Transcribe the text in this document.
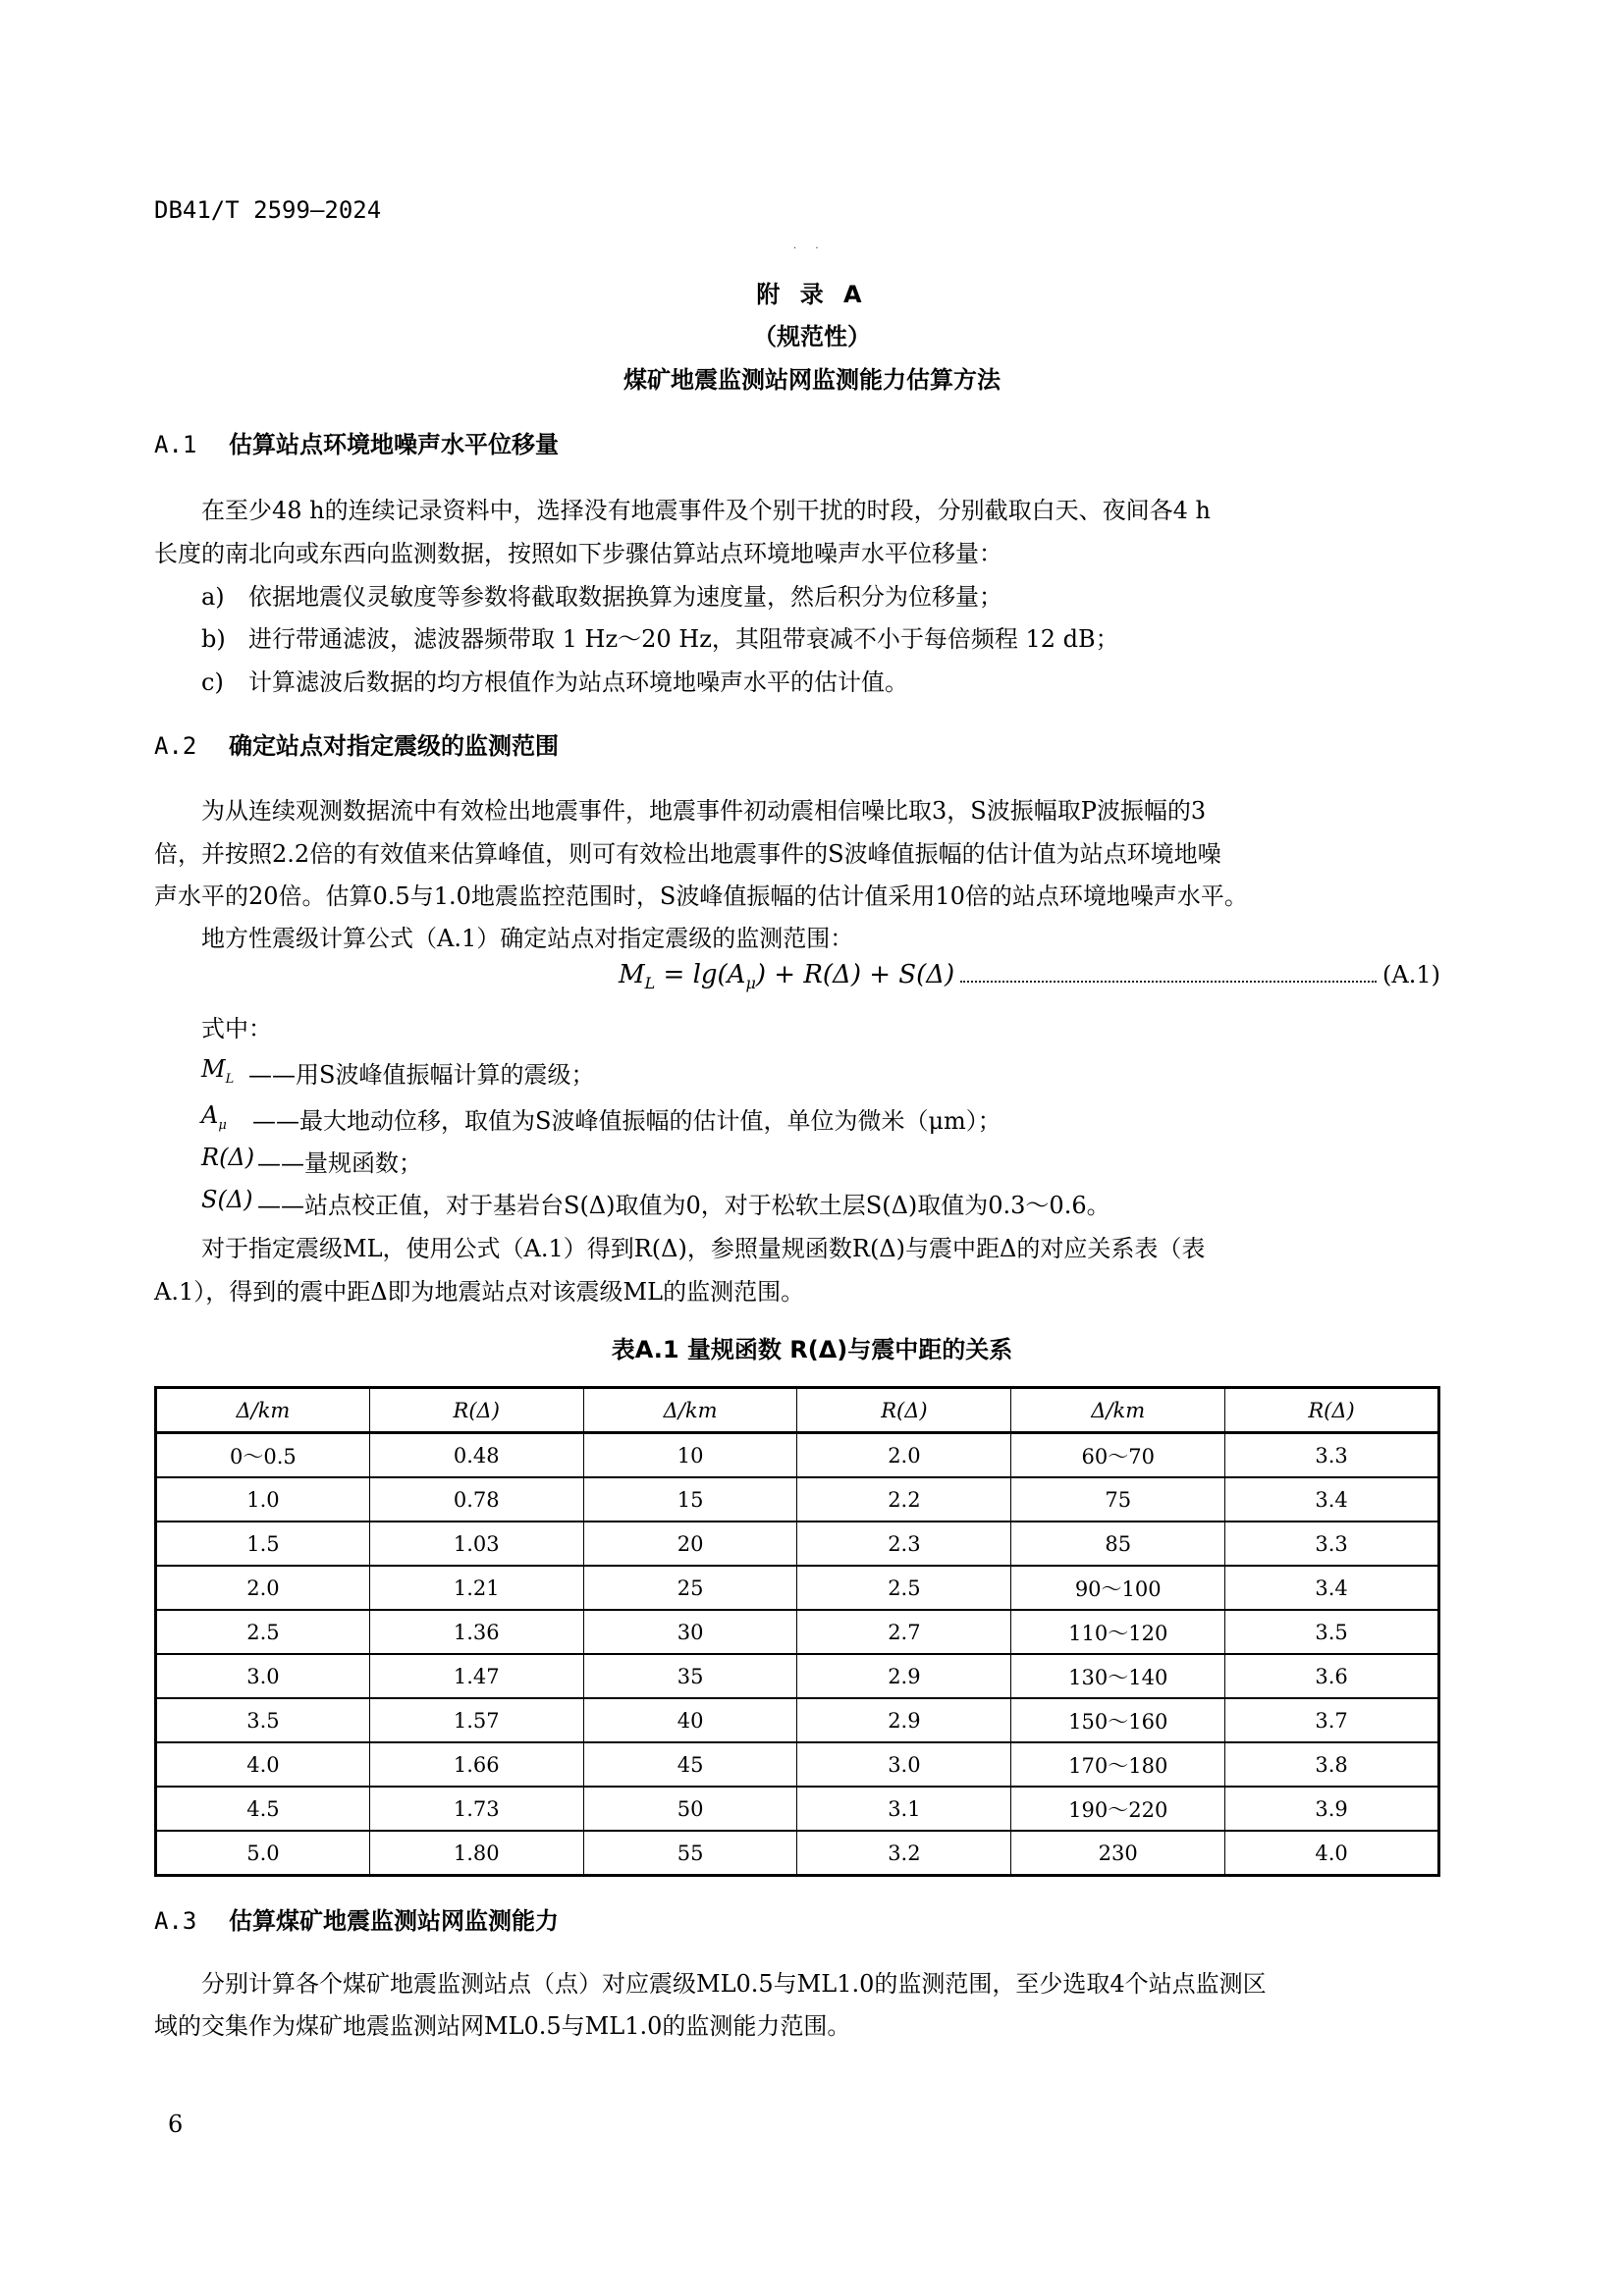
DB41/T 2599—2024
· ·
附 录 A
（规范性）
煤矿地震监测站网监测能力估算方法
A.1 估算站点环境地噪声水平位移量
在至少48 h的连续记录资料中，选择没有地震事件及个别干扰的时段，分别截取白天、夜间各4 h
长度的南北向或东西向监测数据，按照如下步骤估算站点环境地噪声水平位移量：
a) 依据地震仪灵敏度等参数将截取数据换算为速度量，然后积分为位移量；
b) 进行带通滤波，滤波器频带取 1 Hz～20 Hz，其阻带衰减不小于每倍频程 12 dB；
c) 计算滤波后数据的均方根值作为站点环境地噪声水平的估计值。
A.2 确定站点对指定震级的监测范围
为从连续观测数据流中有效检出地震事件，地震事件初动震相信噪比取3，S波振幅取P波振幅的3
倍，并按照2.2倍的有效值来估算峰值，则可有效检出地震事件的S波峰值振幅的估计值为站点环境地噪
声水平的20倍。估算0.5与1.0地震监控范围时，S波峰值振幅的估计值采用10倍的站点环境地噪声水平。
地方性震级计算公式（A.1）确定站点对指定震级的监测范围：
$M_L = \lg(A_\mu) + R(\Delta) + S(\Delta)$	(A.1)
式中：
$M_L$ ——用S波峰值振幅计算的震级；
$A_\mu$ ——最大地动位移，取值为S波峰值振幅的估计值，单位为微米（μm）；
R(Δ) ——量规函数；
S(Δ) ——站点校正值，对于基岩台S(Δ)取值为0，对于松软土层S(Δ)取值为0.3～0.6。
对于指定震级ML，使用公式（A.1）得到R(Δ)，参照量规函数R(Δ)与震中距Δ的对应关系表（表
A.1），得到的震中距Δ即为地震站点对该震级ML的监测范围。
表A.1 量规函数 R(Δ)与震中距的关系
Δ/km	R(Δ)	Δ/km	R(Δ)	Δ/km	R(Δ)
0～0.5	0.48	10	2.0	60～70	3.3
1.0	0.78	15	2.2	75	3.4
1.5	1.03	20	2.3	85	3.3
2.0	1.21	25	2.5	90～100	3.4
2.5	1.36	30	2.7	110～120	3.5
3.0	1.47	35	2.9	130～140	3.6
3.5	1.57	40	2.9	150～160	3.7
4.0	1.66	45	3.0	170～180	3.8
4.5	1.73	50	3.1	190～220	3.9
5.0	1.80	55	3.2	230	4.0
A.3 估算煤矿地震监测站网监测能力
分别计算各个煤矿地震监测站点（点）对应震级ML0.5与ML1.0的监测范围，至少选取4个站点监测区
域的交集作为煤矿地震监测站网ML0.5与ML1.0的监测能力范围。
6
